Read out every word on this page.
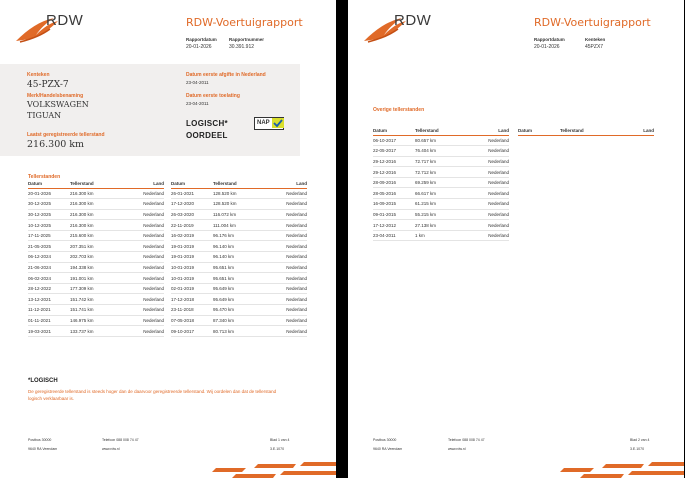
RDW	RDW-Voertuigrapport
Rapportdatum
20-01-2026
Rapportnummer
30.391.912
Kenteken
45-PZX-7
Merk/Handelsbenaming
VOLKSWAGEN
TIGUAN
Laatst geregistreerde tellerstand
216.300 km
Datum eerste afgifte in Nederland
23-04-2011
Datum eerste toelating
23-04-2011
LOGISCH*
OORDEEL
NAP
Tellerstanden
Datum	Tellerstand	Land
20-01-2026	216.300 km	Nederland
30-12-2025	216.300 km	Nederland
30-12-2025	216.300 km	Nederland
10-12-2025	216.300 km	Nederland
17-11-2025	215.600 km	Nederland
21-05-2025	207.351 km	Nederland
06-12-2024	202.703 km	Nederland
21-06-2024	194.338 km	Nederland
06-02-2024	191.001 km	Nederland
28-12-2022	177.309 km	Nederland
13-12-2021	151.742 km	Nederland
11-12-2021	151.741 km	Nederland
01-11-2021	146.975 km	Nederland
19-03-2021	133.737 km	Nederland
Datum	Tellerstand	Land
26-01-2021	128.520 km	Nederland
17-12-2020	128.520 km	Nederland
26-03-2020	116.072 km	Nederland
22-11-2019	111.004 km	Nederland
16-02-2019	96.176 km	Nederland
19-01-2019	96.140 km	Nederland
19-01-2019	96.140 km	Nederland
10-01-2019	95.651 km	Nederland
10-01-2019	95.651 km	Nederland
02-01-2019	95.649 km	Nederland
17-12-2018	95.649 km	Nederland
23-11-2018	95.470 km	Nederland
07-05-2018	87.340 km	Nederland
09-10-2017	80.713 km	Nederland
*LOGISCH
De geregistreerde tellerstand is steeds hoger dan de daarvoor geregistreerde tellerstand. Wij oordelen dan dat de tellerstand logisch verklaarbaar is.
Postbus 30000
9640 RA Veendam
Telefoon 088 008 74 47
www.rdw.nl
Blad 1 van 4
3.E.1070
RDW	RDW-Voertuigrapport
Rapportdatum
20-01-2026
Kenteken
45PZX7
Overige tellerstanden
Datum	Tellerstand	Land
06-10-2017	80.657 km	Nederland
22-05-2017	76.404 km	Nederland
29-12-2016	72.717 km	Nederland
29-12-2016	72.712 km	Nederland
28-09-2016	69.259 km	Nederland
28-05-2016	66.617 km	Nederland
16-09-2015	61.215 km	Nederland
09-01-2015	55.215 km	Nederland
17-12-2012	27.138 km	Nederland
23-04-2011	1 km	Nederland
Datum	Tellerstand	Land
Postbus 30000
9640 RA Veendam
Telefoon 088 008 74 47
www.rdw.nl
Blad 2 van 4
3.E.1070
